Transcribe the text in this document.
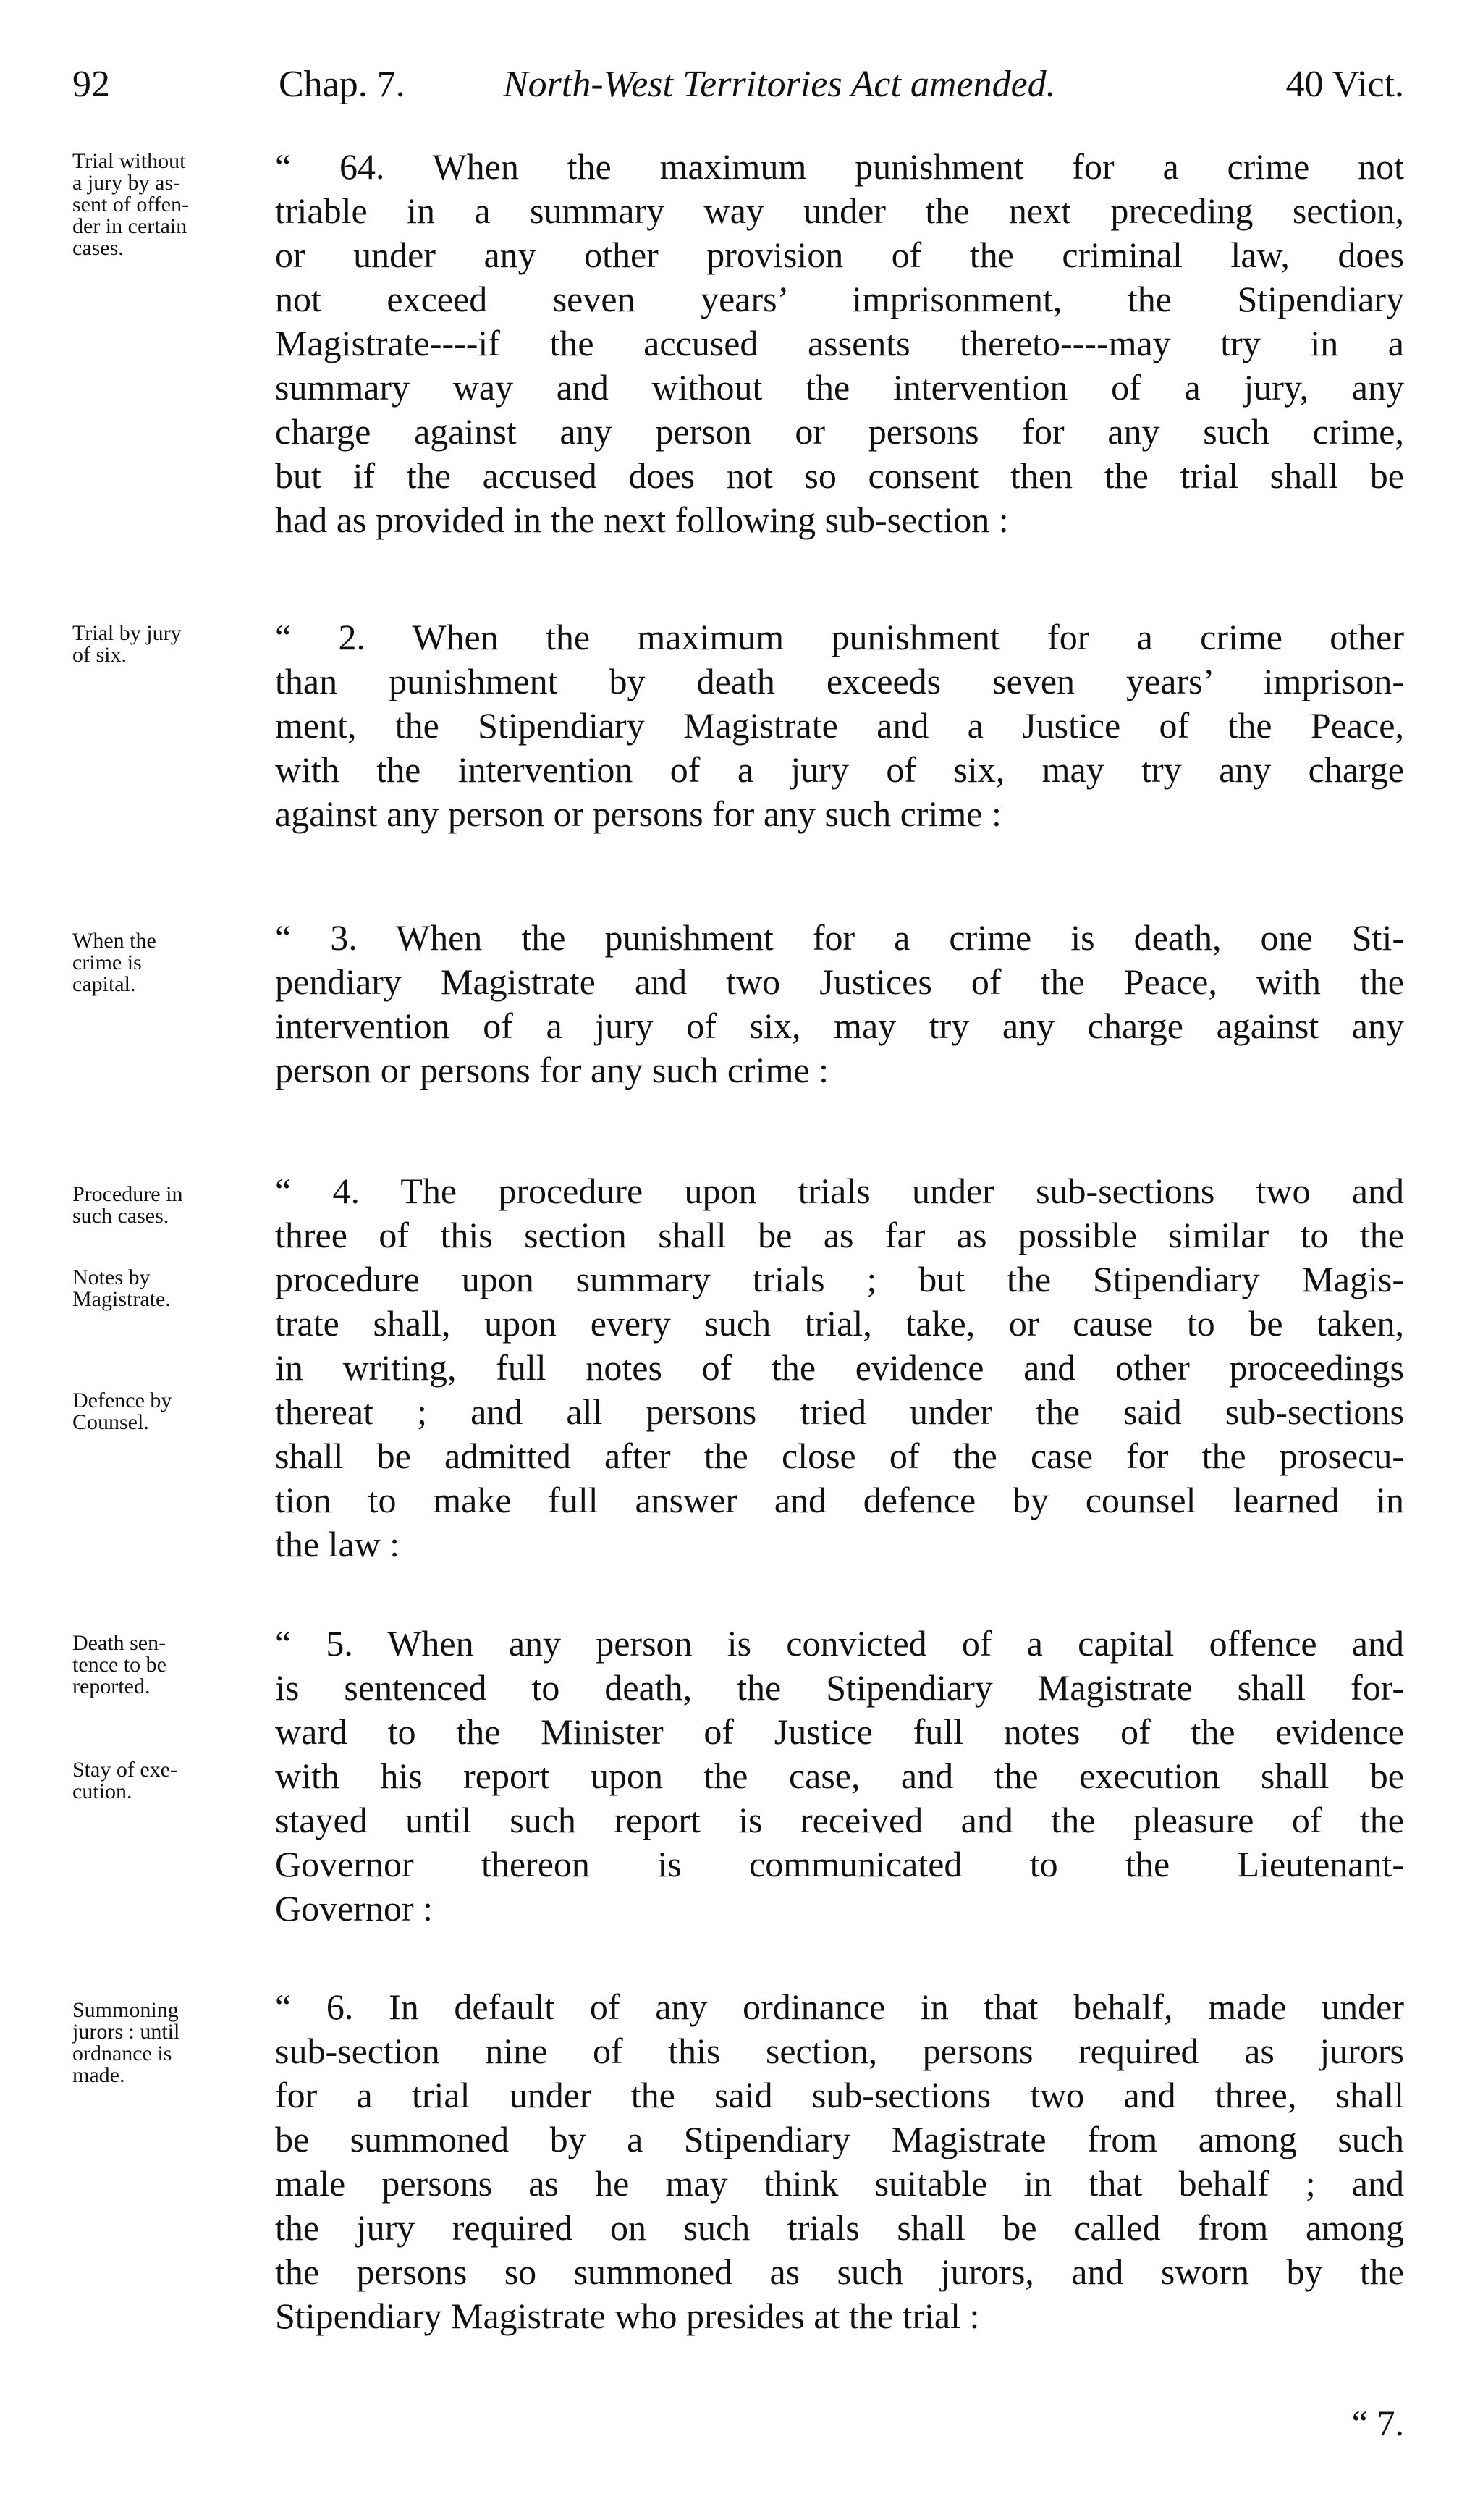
92	Chap. 7.	North-West Territories Act amended.	40 Vict.
Trial without
a jury by as-
sent of offen-
der in certain
cases.
“ 64. When the maximum punishment for a crime not
triable in a summary way under the next preceding section,
or under any other provision of the criminal law, does
not exceed seven years’ imprisonment, the Stipendiary
Magistrate----if the accused assents thereto----may try in a
summary way and without the intervention of a jury, any
charge against any person or persons for any such crime,
but if the accused does not so consent then the trial shall be
had as provided in the next following sub-section :
Trial by jury
of six.	“ 2. When the maximum punishment for a crime other
than punishment by death exceeds seven years’ imprison-
ment, the Stipendiary Magistrate and a Justice of the Peace,
with the intervention of a jury of six, may try any charge
against any person or persons for any such crime :
When the
crime is
capital.
“ 3. When the punishment for a crime is death, one Sti-
pendiary Magistrate and two Justices of the Peace, with the
intervention of a jury of six, may try any charge against any
person or persons for any such crime :
Procedure in
such cases.
Notes by
Magistrate.
Defence by
Counsel.
“ 4. The procedure upon trials under sub-sections two and
three of this section shall be as far as possible similar to the
procedure upon summary trials ; but the Stipendiary Magis-
trate shall, upon every such trial, take, or cause to be taken,
in writing, full notes of the evidence and other proceedings
thereat ; and all persons tried under the said sub-sections
shall be admitted after the close of the case for the prosecu-
tion to make full answer and defence by counsel learned in
the law :
Death sen-
tence to be
reported.
Stay of exe-
cution.
“ 5. When any person is convicted of a capital offence and
is sentenced to death, the Stipendiary Magistrate shall for-
ward to the Minister of Justice full notes of the evidence
with his report upon the case, and the execution shall be
stayed until such report is received and the pleasure of the
Governor thereon is communicated to the Lieutenant-
Governor :
Summoning
jurors : until
ordnance is
made.
“ 6. In default of any ordinance in that behalf, made under
sub-section nine of this section, persons required as jurors
for a trial under the said sub-sections two and three, shall
be summoned by a Stipendiary Magistrate from among such
male persons as he may think suitable in that behalf ; and
the jury required on such trials shall be called from among
the persons so summoned as such jurors, and sworn by the
Stipendiary Magistrate who presides at the trial :
“ 7.
